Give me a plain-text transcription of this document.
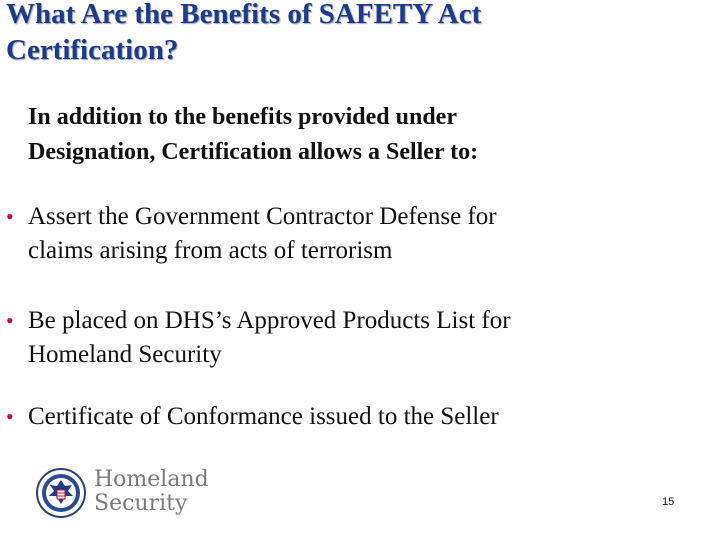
What Are the Benefits of SAFETY Act
Certification?
In addition to the benefits provided under
Designation, Certification allows a Seller to:
• Assert the Government Contractor Defense for
claims arising from acts of terrorism
• Be placed on DHS’s Approved Products List for
Homeland Security
• Certificate of Conformance issued to the Seller
Homeland
Security	15
